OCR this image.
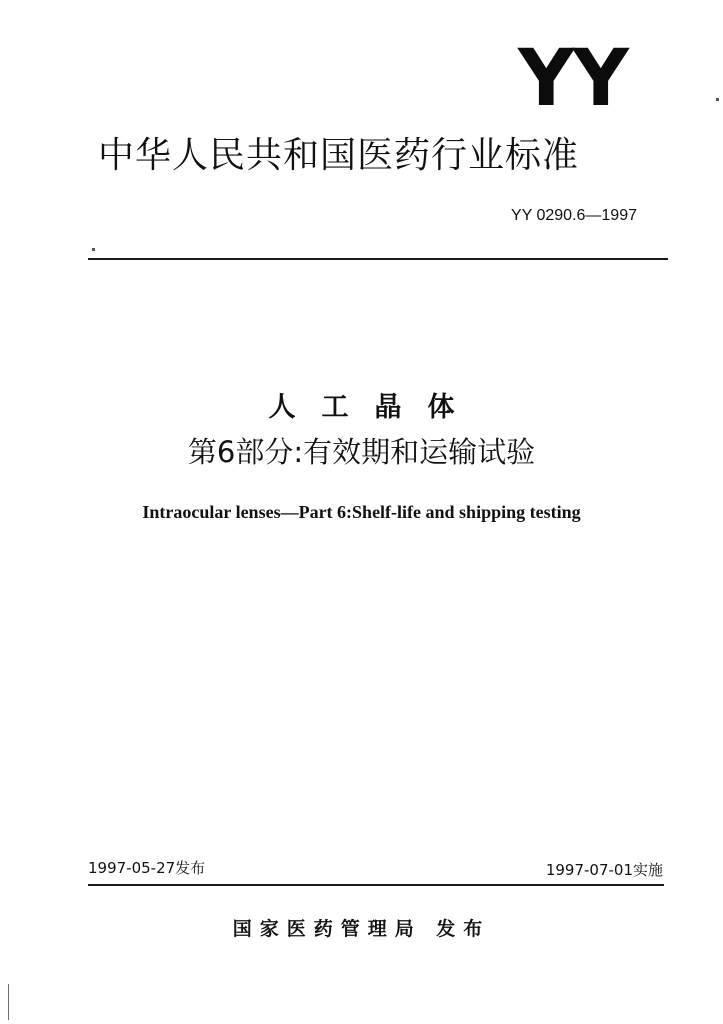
YY
中华人民共和国医药行业标准
YY 0290.6—1997
人工晶体
第6部分:有效期和运输试验
Intraocular lenses—Part 6:Shelf-life and shipping testing
1997-05-27发布	1997-07-01实施
国家医药管理局 发布
